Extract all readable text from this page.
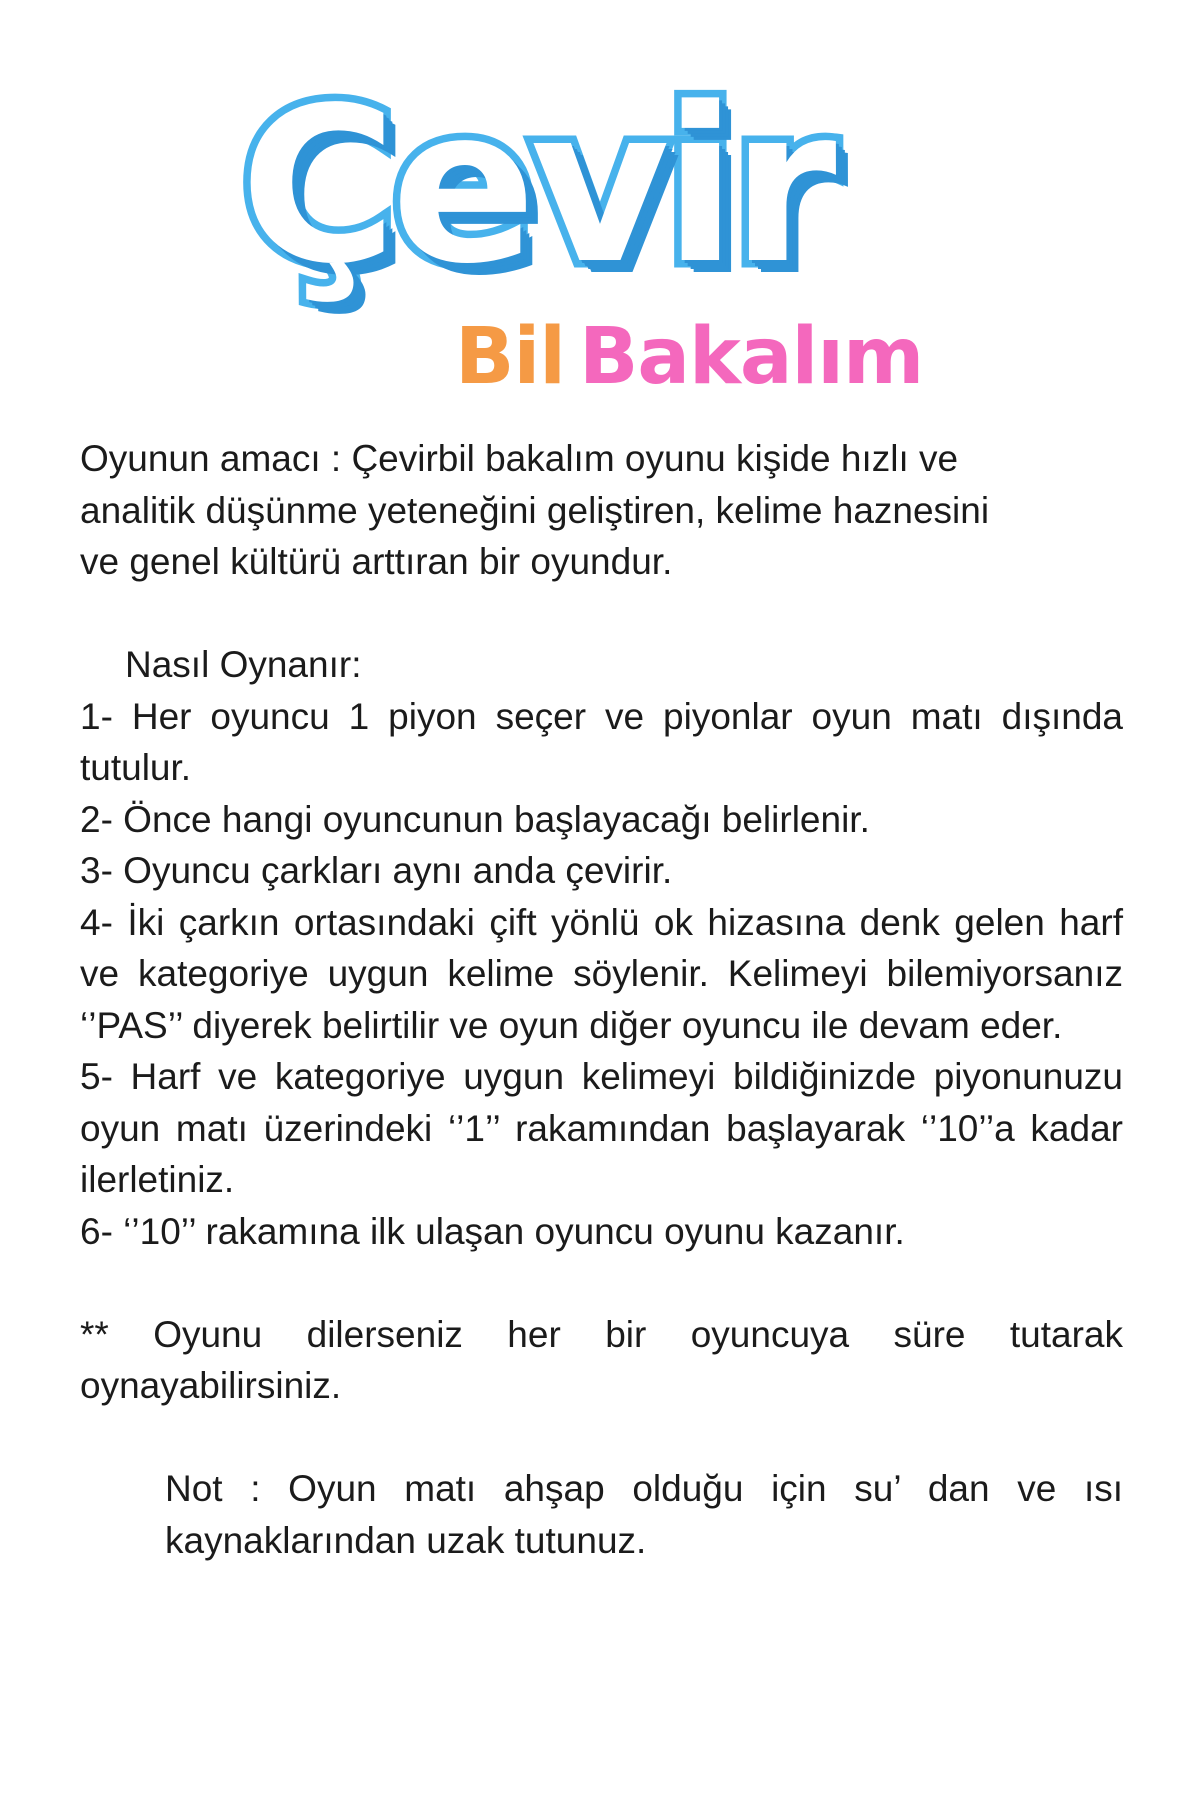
Çevir
Bil Bakalım

Oyunun amacı : Çevirbil bakalım oyunu kişide hızlı ve

analitik düşünme yeteneğini geliştiren, kelime haznesini

ve genel kültürü arttıran bir oyundur.

Nasıl Oynanır:

1- Her oyuncu 1 piyon seçer ve piyonlar oyun matı dışında tutulur.

2- Önce hangi oyuncunun başlayacağı belirlenir.

3- Oyuncu çarkları aynı anda çevirir.

4- İki çarkın ortasındaki çift yönlü ok hizasına denk gelen harf ve kategoriye uygun kelime söylenir. Kelimeyi bilemiyorsanız ‘’PAS’’ diyerek belirtilir ve oyun diğer oyuncu ile devam eder.

5- Harf ve kategoriye uygun kelimeyi bildiğinizde piyonunuzu oyun matı üzerindeki ‘’1’’ rakamından başlayarak ‘’10’’a kadar ilerletiniz.

6- ‘’10’’ rakamına ilk ulaşan oyuncu oyunu kazanır.

** Oyunu dilerseniz her bir oyuncuya süre tutarak oynayabilirsiniz.

Not : Oyun matı ahşap olduğu için su’ dan ve ısı kaynaklarından uzak tutunuz.
